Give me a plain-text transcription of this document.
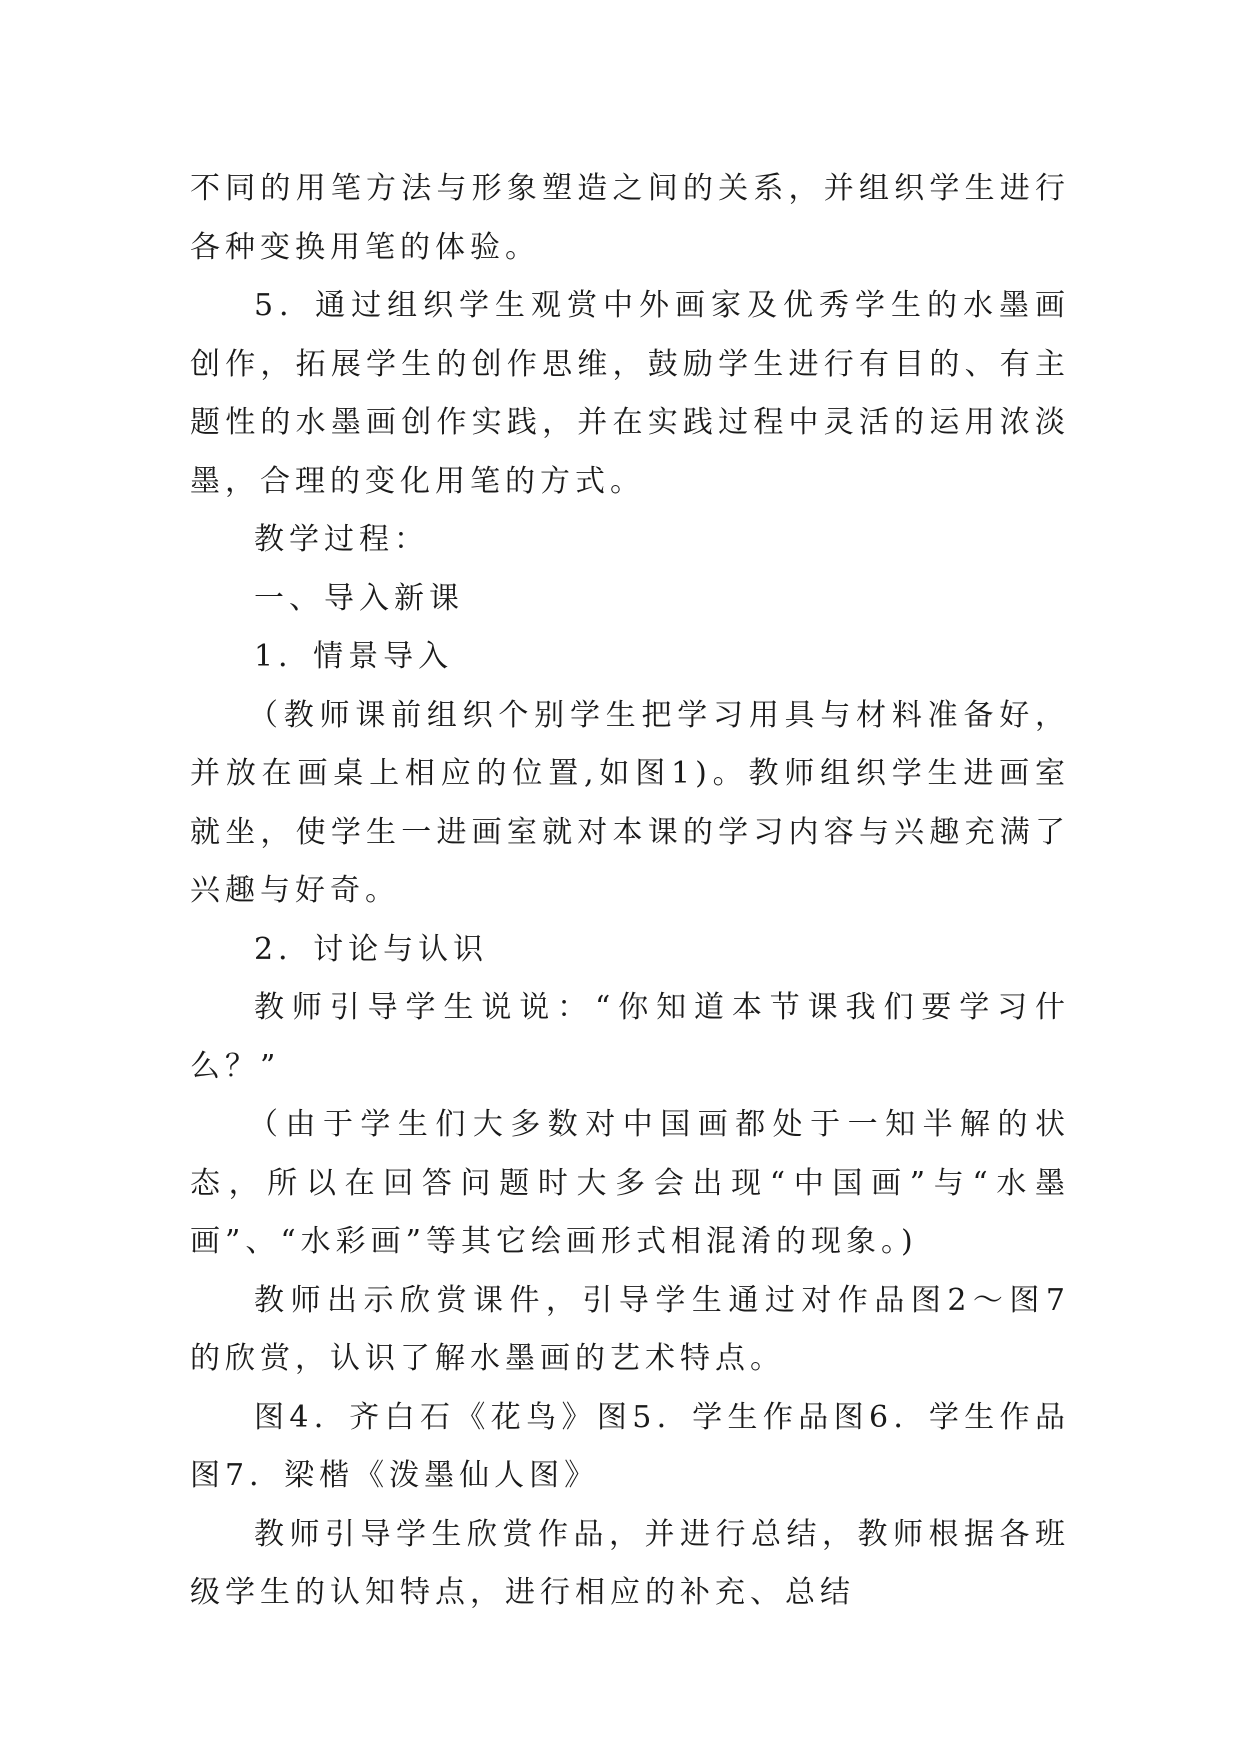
不同的用笔方法与形象塑造之间的关系，并组织学生进行各种变换用笔的体验。

5．通过组织学生观赏中外画家及优秀学生的水墨画创作，拓展学生的创作思维，鼓励学生进行有目的、有主题性的水墨画创作实践，并在实践过程中灵活的运用浓淡墨，合理的变化用笔的方式。

教学过程：

一、导入新课

1．情景导入

（教师课前组织个别学生把学习用具与材料准备好，并放在画桌上相应的位置,如图1)。教师组织学生进画室就坐，使学生一进画室就对本课的学习内容与兴趣充满了兴趣与好奇。

2．讨论与认识

教师引导学生说说：“你知道本节课我们要学习什么？”

（由于学生们大多数对中国画都处于一知半解的状态，所以在回答问题时大多会出现“中国画”与“水墨画”、“水彩画”等其它绘画形式相混淆的现象。)

教师出示欣赏课件，引导学生通过对作品图2～图7的欣赏，认识了解水墨画的艺术特点。

图4．齐白石《花鸟》图5．学生作品图6．学生作品图7．梁楷《泼墨仙人图》

教师引导学生欣赏作品，并进行总结，教师根据各班级学生的认知特点，进行相应的补充、总结
